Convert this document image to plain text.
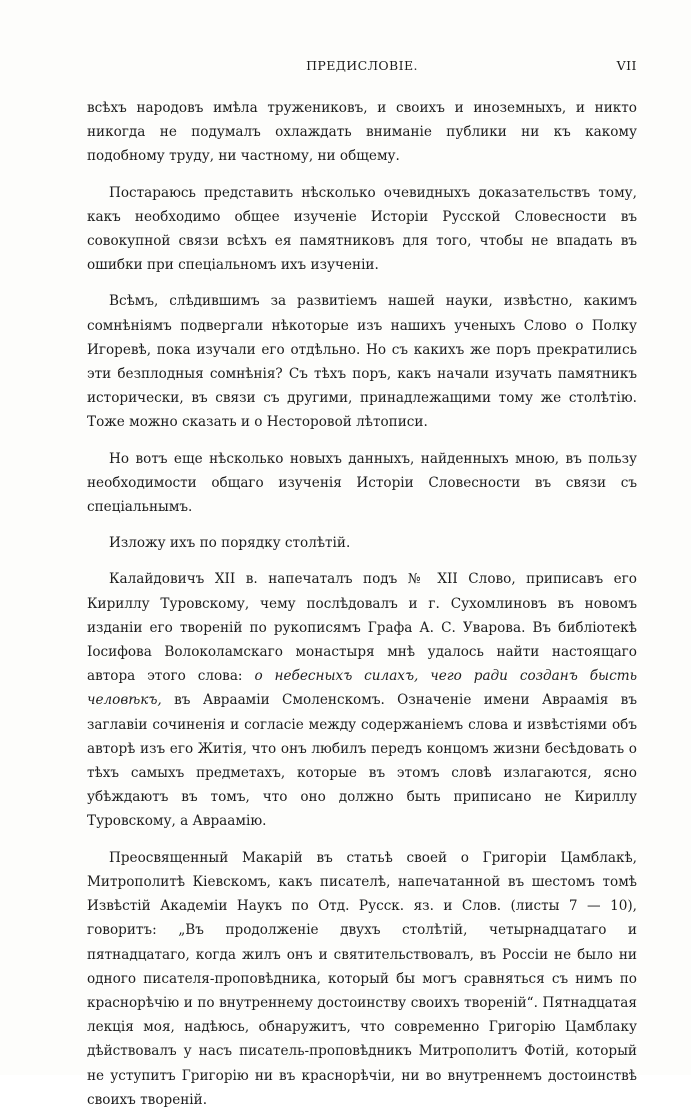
ПРЕДИСЛОВІЕ.	VII

всѣхъ народовъ имѣла тружениковъ, и своихъ и иноземныхъ, и никто никогда не подумалъ охлаждать вниманіе публики ни къ какому подобному труду, ни частному, ни общему.

Постараюсь представить нѣсколько очевидныхъ доказательствъ тому, какъ необходимо общее изученіе Исторіи Русской Словесности въ совокупной связи всѣхъ ея памятниковъ для того, чтобы не впадать въ ошибки при спеціальномъ ихъ изученіи.

Всѣмъ, слѣдившимъ за развитіемъ нашей науки, извѣстно, какимъ сомнѣніямъ подвергали нѣкоторые изъ нашихъ ученыхъ Слово о Полку Игоревѣ, пока изучали его отдѣльно. Но съ какихъ же поръ прекратились эти безплодныя сомнѣнія? Съ тѣхъ поръ, какъ начали изучать памятникъ исторически, въ связи съ другими, принадлежащими тому же столѣтію. Тоже можно сказать и о Несторовой лѣтописи.

Но вотъ еще нѣсколько новыхъ данныхъ, найденныхъ мною, въ пользу необходимости общаго изученія Исторіи Словесности въ связи съ спеціальнымъ.

Изложу ихъ по порядку столѣтій.

Калайдовичъ XII в. напечаталъ подъ № XII Слово, приписавъ его Кириллу Туровскому, чему послѣдовалъ и г. Сухомлиновъ въ новомъ изданіи его твореній по рукописямъ Графа А. С. Уварова. Въ библіотекѣ Іосифова Волоколамскаго монастыря мнѣ удалось найти настоящаго автора этого слова: о небесныхъ силахъ, чего ради созданъ бысть человѣкъ, въ Авраамiи Смоленскомъ. Означеніе имени Авраамія въ заглавіи сочиненія и согласіе между содержаніемъ слова и извѣстіями объ авторѣ изъ его Житія, что онъ любилъ передъ концомъ жизни бесѣдовать о тѣхъ самыхъ предметахъ, которые въ этомъ словѣ излагаются, ясно убѣждаютъ въ томъ, что оно должно быть приписано не Кириллу Туровскому, а Авраамію.

Преосвященный Макарій въ статьѣ своей о Григоріи Цамблакѣ, Митрополитѣ Кіевскомъ, какъ писателѣ, напечатанной въ шестомъ томѣ Извѣстій Академіи Наукъ по Отд. Русск. яз. и Слов. (листы 7 — 10), говоритъ: „Въ продолженіе двухъ столѣтій, четырнадцатаго и пятнадцатаго, когда жилъ онъ и святительствовалъ, въ Россіи не было ни одного писателя-проповѣдника, который бы могъ сравняться съ нимъ по краснорѣчію и по внутреннему достоинству своихъ твореній“. Пятнадцатая лекція моя, надѣюсь, обнаружитъ, что современно Григорію Цамблаку дѣйствовалъ у насъ писатель-проповѣдникъ Митрополитъ Фотій, который не уступитъ Григорію ни въ краснорѣчіи, ни во внутреннемъ достоинствѣ своихъ твореній.
